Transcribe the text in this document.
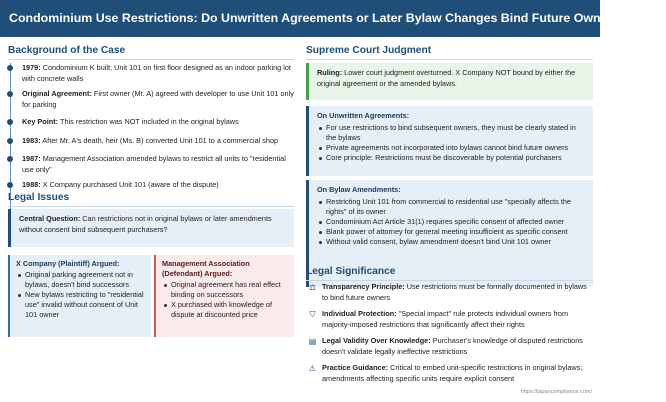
Condominium Use Restrictions: Do Unwritten Agreements or Later Bylaw Changes Bind Future Owners? (1997)
Background of the Case
1979: Condominium K built; Unit 101 on first floor designed as an indoor parking lot with concrete walls
Original Agreement: First owner (Mr. A) agreed with developer to use Unit 101 only for parking
Key Point: This restriction was NOT included in the original bylaws
1983: After Mr. A's death, heir (Ms. B) converted Unit 101 to a commercial shop
1987: Management Association amended bylaws to restrict all units to "residential use only"
1988: X Company purchased Unit 101 (aware of the dispute)
Legal Issues
Central Question: Can restrictions not in original bylaws or later amendments without consent bind subsequent purchasers?
X Company (Plaintiff) Argued:
Original parking agreement not in bylaws, doesn't bind successors
New bylaws restricting to "residential use" invalid without consent of Unit 101 owner
Management Association (Defendant) Argued:
Original agreement has real effect binding on successors
X purchased with knowledge of dispute at discounted price
Supreme Court Judgment
Ruling: Lower court judgment overturned. X Company NOT bound by either the original agreement or the amended bylaws.
On Unwritten Agreements:
For use restrictions to bind subsequent owners, they must be clearly stated in the bylaws
Private agreements not incorporated into bylaws cannot bind future owners
Core principle: Restrictions must be discoverable by potential purchasers
On Bylaw Amendments:
Restricting Unit 101 from commercial to residential use "specially affects the rights" of its owner
Condominium Act Article 31(1) requires specific consent of affected owner
Blank power of attorney for general meeting insufficient as specific consent
Without valid consent, bylaw amendment doesn't bind Unit 101 owner
Legal Significance
⚖ Transparency Principle: Use restrictions must be formally documented in bylaws to bind future owners
⛉ Individual Protection: "Special impact" rule protects individual owners from majority-imposed restrictions that significantly affect their rights
▤ Legal Validity Over Knowledge: Purchaser's knowledge of disputed restrictions doesn't validate legally ineffective restrictions
⚠ Practice Guidance: Critical to embed unit-specific restrictions in original bylaws; amendments affecting specific units require explicit consent
https://japancompliance.com/
